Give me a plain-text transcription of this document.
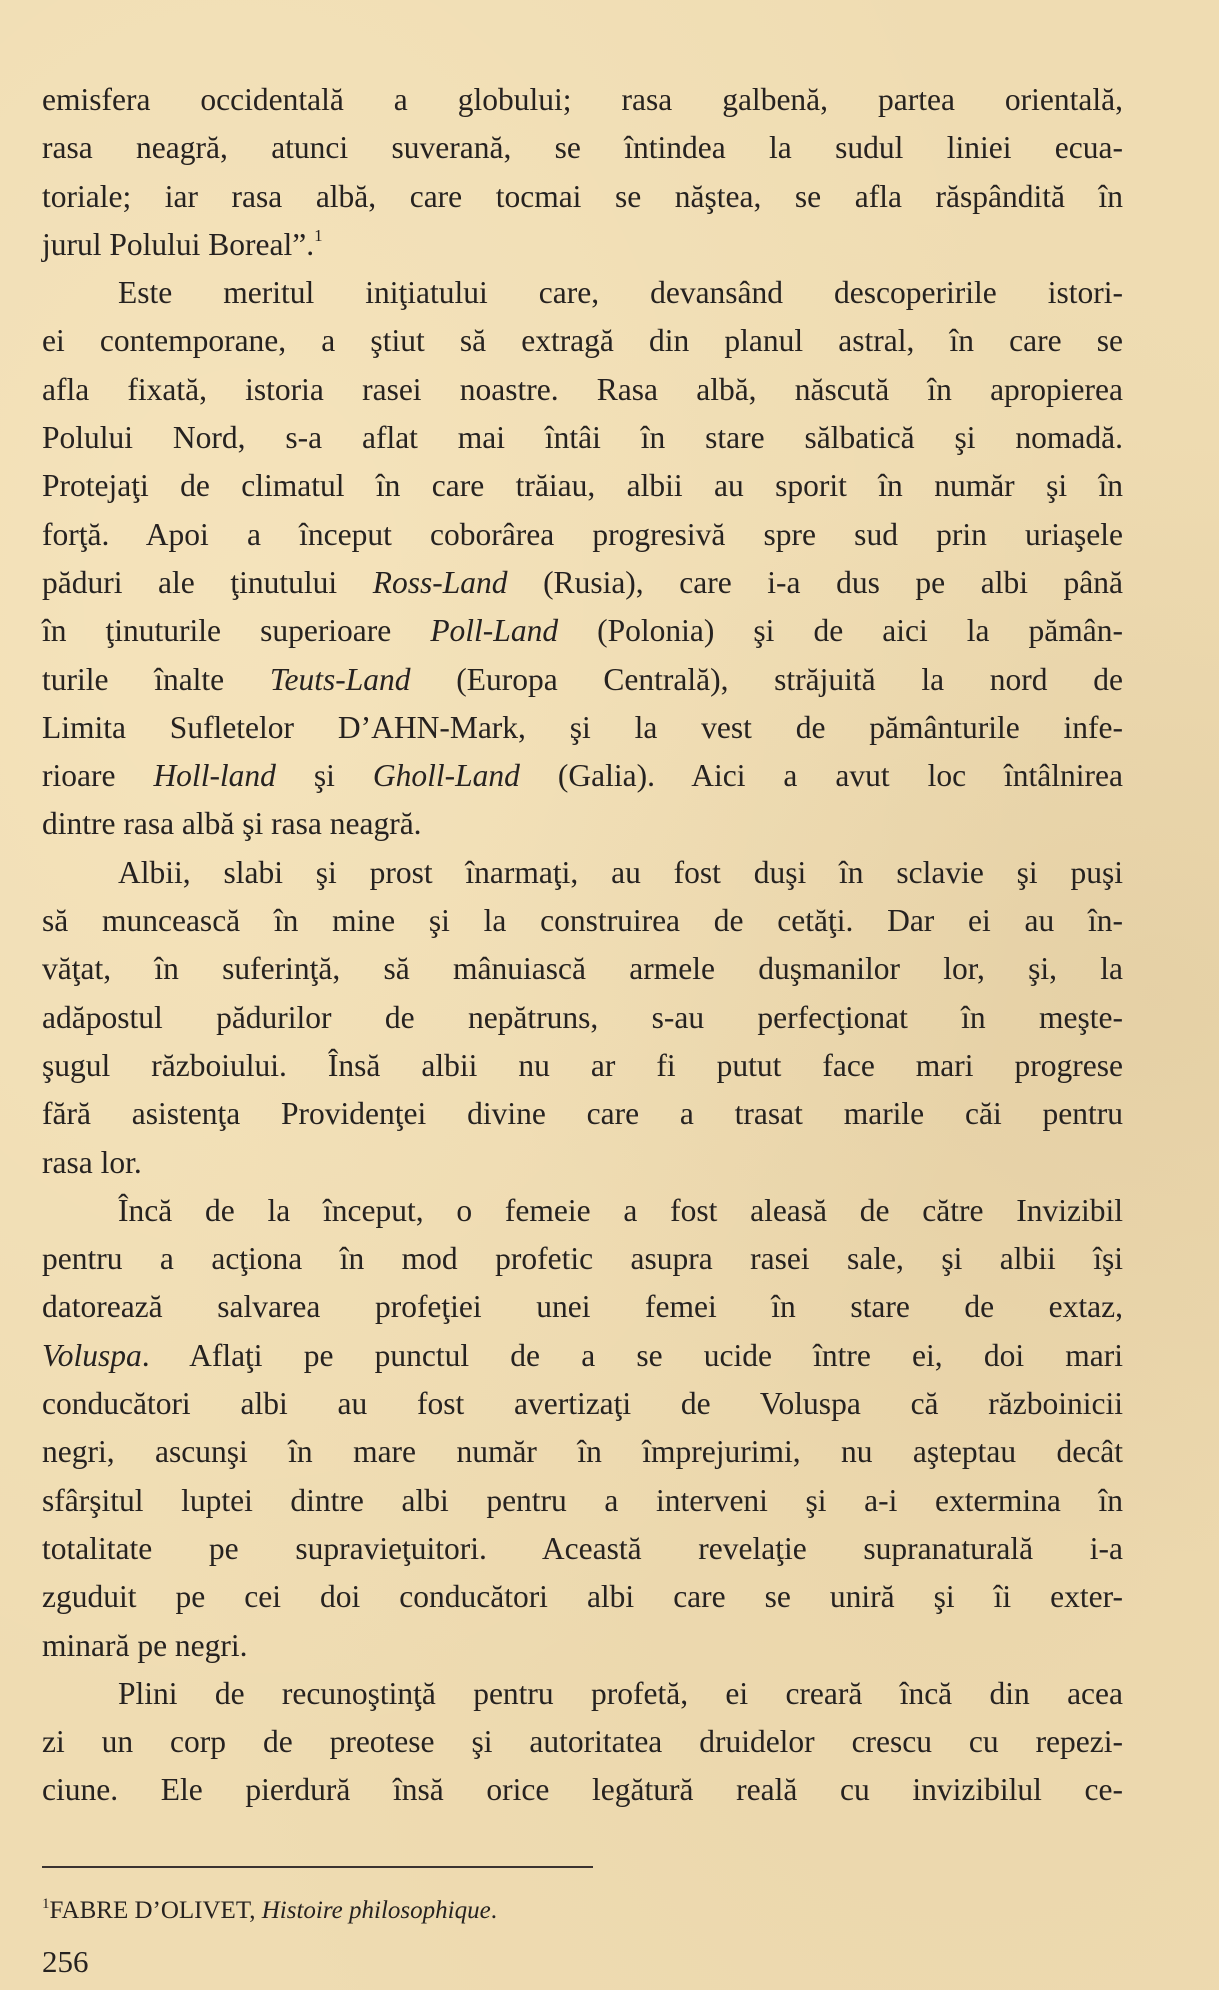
emisfera occidentală a globului; rasa galbenă, partea orientală,
rasa neagră, atunci suverană, se întindea la sudul liniei ecua-
toriale; iar rasa albă, care tocmai se năştea, se afla răspândită în
jurul Polului Boreal”.$^1$
Este meritul iniţiatului care, devansând descoperirile istori-
ei contemporane, a ştiut să extragă din planul astral, în care se
afla fixată, istoria rasei noastre. Rasa albă, născută în apropierea
Polului Nord, s-a aflat mai întâi în stare sălbatică şi nomadă.
Protejaţi de climatul în care trăiau, albii au sporit în număr şi în
forţă. Apoi a început coborârea progresivă spre sud prin uriaşele
păduri ale ţinutului Ross-Land (Rusia), care i-a dus pe albi până
în ţinuturile superioare Poll-Land (Polonia) şi de aici la pămân-
turile înalte Teuts-Land (Europa Centrală), străjuită la nord de
Limita Sufletelor D’AHN-Mark, şi la vest de pământurile infe-
rioare Holl-land şi Gholl-Land (Galia). Aici a avut loc întâlnirea
dintre rasa albă şi rasa neagră.
Albii, slabi şi prost înarmaţi, au fost duşi în sclavie şi puşi
să muncească în mine şi la construirea de cetăţi. Dar ei au în-
văţat, în suferinţă, să mânuiască armele duşmanilor lor, şi, la
adăpostul pădurilor de nepătruns, s-au perfecţionat în meşte-
şugul războiului. Însă albii nu ar fi putut face mari progrese
fără asistenţa Providenţei divine care a trasat marile căi pentru
rasa lor.
Încă de la început, o femeie a fost aleasă de către Invizibil
pentru a acţiona în mod profetic asupra rasei sale, şi albii îşi
datorează salvarea profeţiei unei femei în stare de extaz,
Voluspa. Aflaţi pe punctul de a se ucide între ei, doi mari
conducători albi au fost avertizaţi de Voluspa că războinicii
negri, ascunşi în mare număr în împrejurimi, nu aşteptau decât
sfârşitul luptei dintre albi pentru a interveni şi a-i extermina în
totalitate pe supravieţuitori. Această revelaţie supranaturală i-a
zguduit pe cei doi conducători albi care se uniră şi îi exter-
minară pe negri.
Plini de recunoştinţă pentru profetă, ei creară încă din acea
zi un corp de preotese şi autoritatea druidelor crescu cu repezi-
ciune. Ele pierdură însă orice legătură reală cu invizibilul ce-
$^1$FABRE D’OLIVET, Histoire philosophique.
256
